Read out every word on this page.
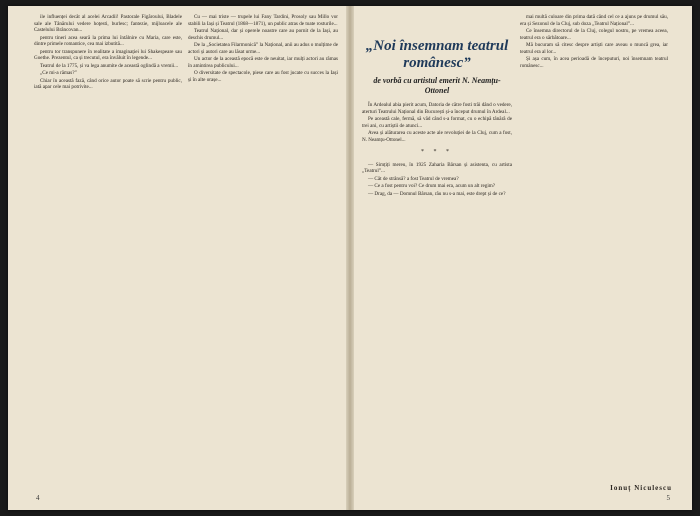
ile influenței decât al acelei Arcadii! Pastorale Figăroului, Bladele sale ale Tânărului vedere hoţesti, burlesc; fantezie, mijloacele ale Castelului Brâncovan...

pentru tineri acea seară la prima lui întâlnire cu Maria, care este, dintre primele romantice, cea mai izbutită...

pentru tor transpunere în realitate a imaginației lui Shakespeare sau Goethe. Prezentul, ca și trecutul, era învăluit în legende...

Teatrul de la 1775, și va lega anumite de această oglindă a vremii...

„Ce mi-a rămas?”

Chiar în această fază, când orice autor poate să scrie pentru public, iată apar cele mai potrivite...

Cu — mai triste — trupele lui Fany Tardini, Prosoly sau Millo vor stabili la Iași și Teatrul (1868—1871), un public atras de toate rosturile...

Teatrul Național, dar și operele noastre care au pornit de la Iași, au deschis drumul...

De la „Societatea Filarmonică” la Național, anii au adus o mulțime de actori și autori care au lăsat urme...

Un actor de la această epocă este de neuitat, iar mulți actori au rămas în amintirea publicului...

O diversitate de spectacole, piese care au fost jucate cu succes la Iași și în alte orașe...

4
„Noi însemnam teatrul românesc”
de vorbă cu artistul emerit N. Neamțu-Ottonel

În Ardealul abia pierit acum, Datoria de către fosti trăi dând o vedere, aterturi Teatrului Național din București și-a început drumul în Ardeal...

Pe această cale, fermă, să văd când s-a format, cu o echipă tânără de trei ani, cu artiștii de atunci...

Avea și alăturarea cu aceste acte ale revoluției de la Cluj, cum a fost, N. Neamțu-Ottonel...

* * *

— Simțiți mereu, în 1925 Zaharia Bârsan și asistenta, cu artista „Teatrul”...

— Cât de strânsă? a fost Teatrul de vremea?

— Ce a fost pentru voi? Ce drum mai era, acum un alt regim?

— Drag, da — Domnul Bârsan, rău nu s-a mai, este drept și de ce?

mai multă culoare din prima dată când cel ce a ajuns pe drumul său, era și Sezonul de la Cluj, sub doza „Teatrul Național”...

Ce însemna directorul de la Cluj, colegul nostru, pe vremea aceea, teatrul era o sărbătoare...

Mă bucuram să citesc despre artiști care aveau o muncă grea, iar teatrul era al lor...

Și așa cum, în acea perioadă de începuturi, noi însemnam teatrul românesc...

Ionuț Niculescu
5
